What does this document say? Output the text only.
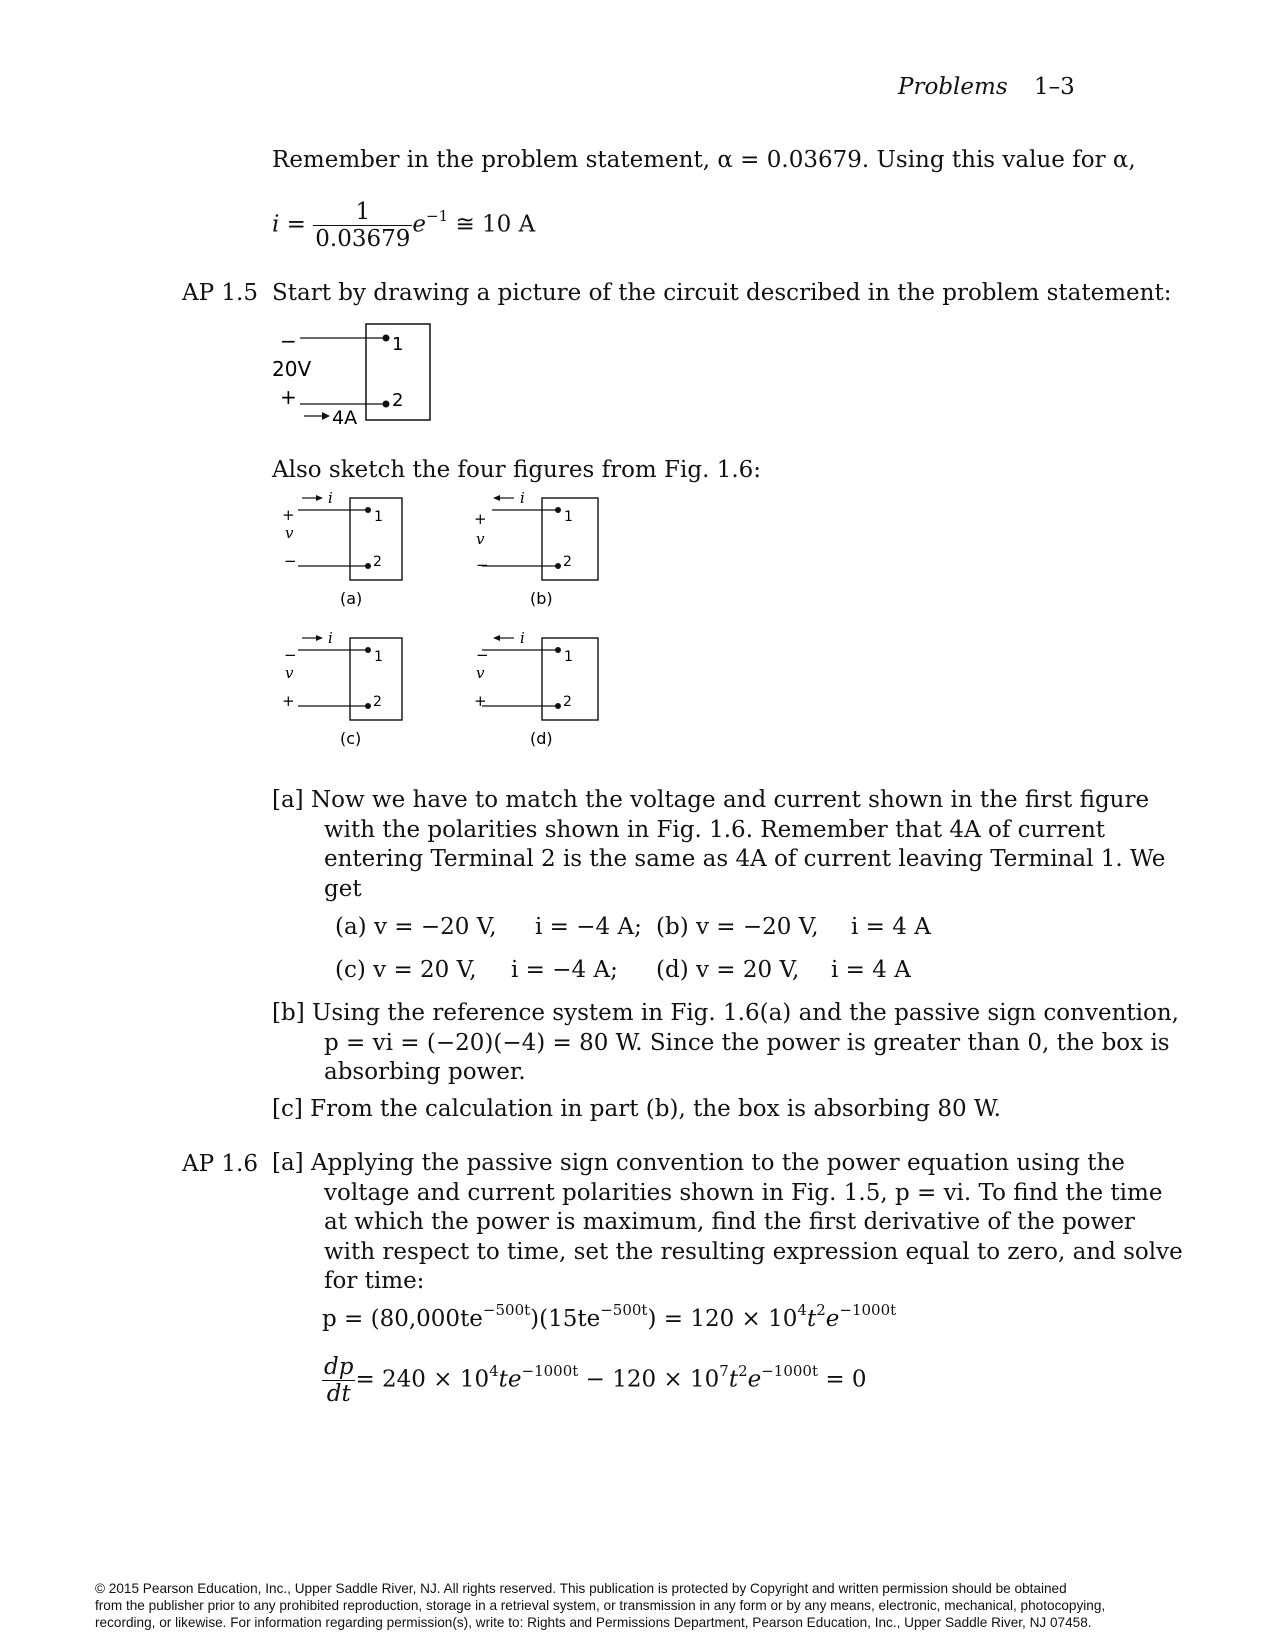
Problems 1–3
Remember in the problem statement, α = 0.03679. Using this value for α,
$i = \frac{1}{0.03679} e^{-1}$ ≅ 10 A
AP 1.5 Start by drawing a picture of the circuit described in the problem statement:
−
20V
+
4A
1
2
Also sketch the four figures from Fig. 1.6:
i
+
v
−
1
2
(a)
i
+
v
−
1
2
(b)
i
−
v
+
1
2
(c)
i
−
v
+
1
2
(d)
[a] Now we have to match the voltage and current shown in the first figure
with the polarities shown in Fig. 1.6. Remember that 4A of current
entering Terminal 2 is the same as 4A of current leaving Terminal 1. We
get
(a) v = −20 V, i = −4 A; (b) v = −20 V, i = 4 A
(c) v = 20 V, i = −4 A; (d) v = 20 V, i = 4 A
[b] Using the reference system in Fig. 1.6(a) and the passive sign convention,
p = vi = (−20)(−4) = 80 W. Since the power is greater than 0, the box is
absorbing power.
[c] From the calculation in part (b), the box is absorbing 80 W.
AP 1.6 [a] Applying the passive sign convention to the power equation using the
voltage and current polarities shown in Fig. 1.5, p = vi. To find the time
at which the power is maximum, find the first derivative of the power
with respect to time, set the resulting expression equal to zero, and solve
for time:
$p = (80,000te^{-500t})(15te^{-500t}) = 120 \times 10^4t^2e^{-1000t}$
$\frac{dp}{dt} = 240 \times 10^4te^{-1000t} - 120 \times 10^7t^2e^{-1000t} = 0$
© 2015 Pearson Education, Inc., Upper Saddle River, NJ. All rights reserved. This publication is protected by Copyright and written permission should be obtained
from the publisher prior to any prohibited reproduction, storage in a retrieval system, or transmission in any form or by any means, electronic, mechanical, photocopying,
recording, or likewise. For information regarding permission(s), write to: Rights and Permissions Department, Pearson Education, Inc., Upper Saddle River, NJ 07458.
